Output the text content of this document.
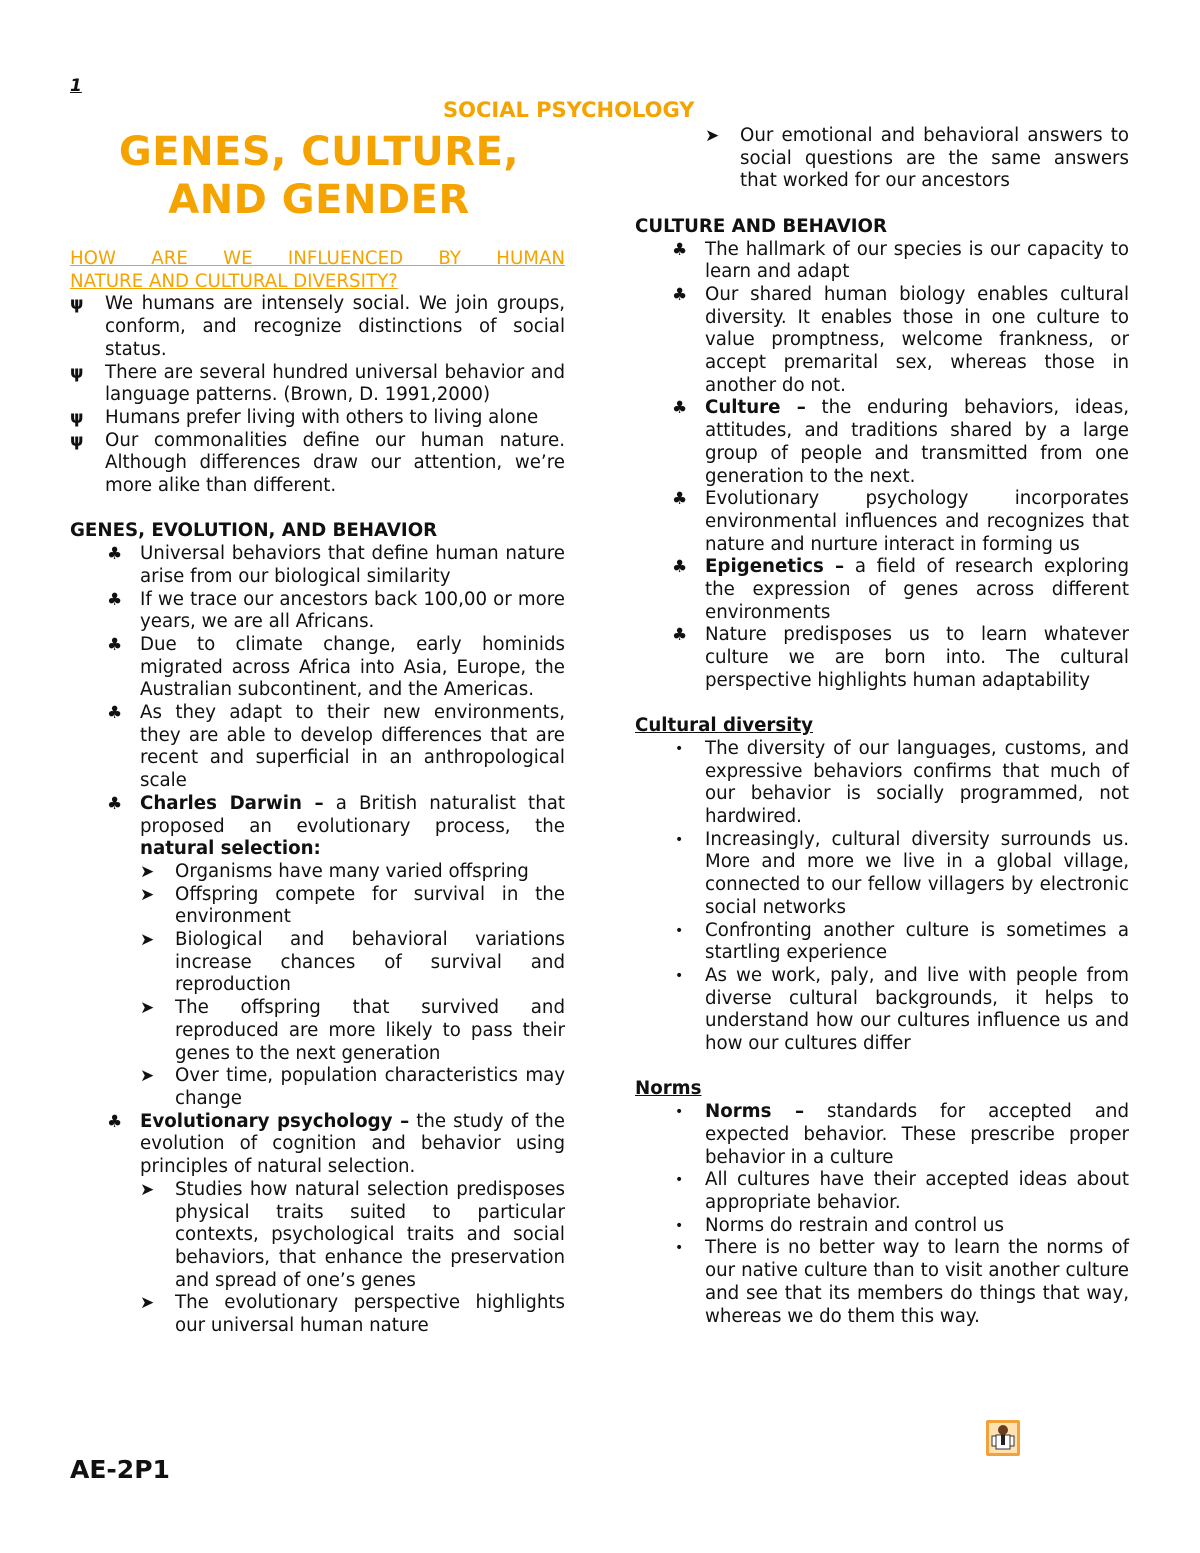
1
SOCIAL PSYCHOLOGY
GENES, CULTURE,
AND GENDER

HOW ARE WE INFLUENCED BY HUMAN

NATURE AND CULTURAL DIVERSITY?

ψ We humans are intensely social. We join groups, conform, and recognize distinctions of social status.
ψ There are several hundred universal behavior and language patterns. (Brown, D. 1991,2000)
ψ Humans prefer living with others to living alone
ψ Our commonalities define our human nature. Although differences draw our attention, we’re more alike than different.

GENES, EVOLUTION, AND BEHAVIOR

♣ Universal behaviors that define human nature arise from our biological similarity
♣ If we trace our ancestors back 100,00 or more years, we are all Africans.
♣ Due to climate change, early hominids migrated across Africa into Asia, Europe, the Australian subcontinent, and the Americas.
♣ As they adapt to their new environments, they are able to develop differences that are recent and superficial in an anthropological scale
♣ Charles Darwin – a British naturalist that proposed an evolutionary process, the natural selection:
➤ Organisms have many varied offspring
➤ Offspring compete for survival in the environment
➤ Biological and behavioral variations increase chances of survival and reproduction
➤ The offspring that survived and reproduced are more likely to pass their genes to the next generation
➤ Over time, population characteristics may change
♣ Evolutionary psychology – the study of the evolution of cognition and behavior using principles of natural selection.
➤ Studies how natural selection predisposes physical traits suited to particular contexts, psychological traits and social behaviors, that enhance the preservation and spread of one’s genes
➤ The evolutionary perspective highlights our universal human nature
➤ Our emotional and behavioral answers to social questions are the same answers that worked for our ancestors

CULTURE AND BEHAVIOR

♣ The hallmark of our species is our capacity to learn and adapt
♣ Our shared human biology enables cultural diversity. It enables those in one culture to value promptness, welcome frankness, or accept premarital sex, whereas those in another do not.
♣ Culture – the enduring behaviors, ideas, attitudes, and traditions shared by a large group of people and transmitted from one generation to the next.
♣ Evolutionary psychology incorporates environmental influences and recognizes that nature and nurture interact in forming us
♣ Epigenetics – a field of research exploring the expression of genes across different environments
♣ Nature predisposes us to learn whatever culture we are born into. The cultural perspective highlights human adaptability

Cultural diversity

• The diversity of our languages, customs, and expressive behaviors confirms that much of our behavior is socially programmed, not hardwired.
• Increasingly, cultural diversity surrounds us. More and more we live in a global village, connected to our fellow villagers by electronic social networks
• Confronting another culture is sometimes a startling experience
• As we work, paly, and live with people from diverse cultural backgrounds, it helps to understand how our cultures influence us and how our cultures differ

Norms

• Norms – standards for accepted and expected behavior. These prescribe proper behavior in a culture
• All cultures have their accepted ideas about appropriate behavior.
• Norms do restrain and control us
• There is no better way to learn the norms of our native culture than to visit another culture and see that its members do things that way, whereas we do them this way.
AE-2P1
